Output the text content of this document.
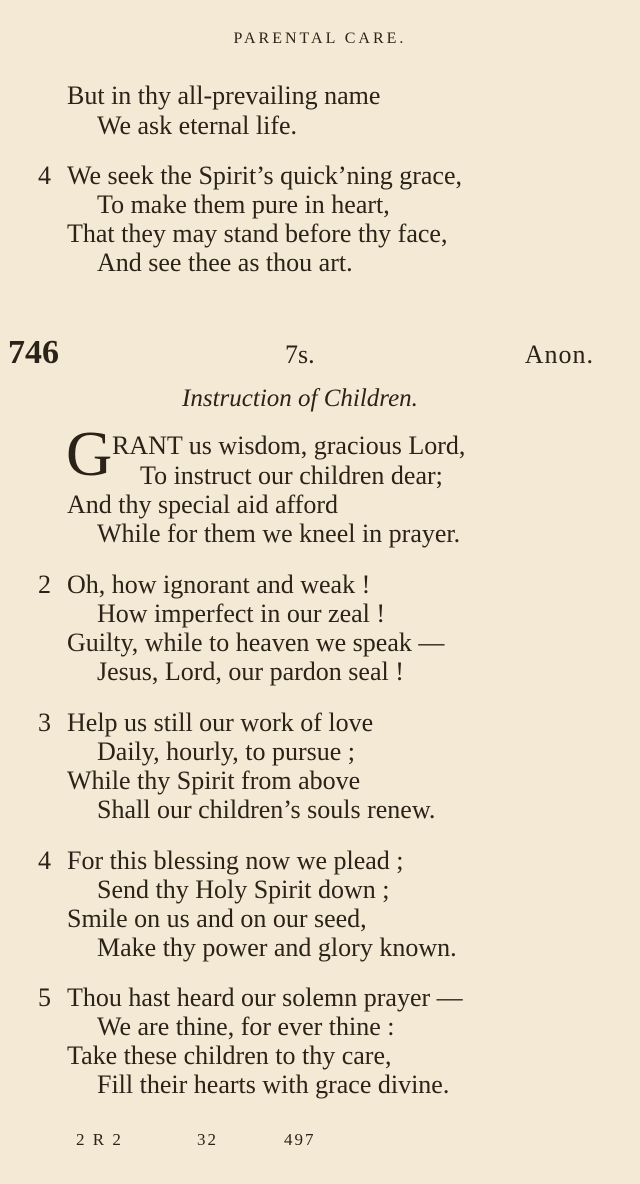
PARENTAL CARE.
But in thy all-prevailing name
We ask eternal life.
4 We seek the Spirit’s quick’ning grace,
To make them pure in heart,
That they may stand before thy face,
And see thee as thou art.
746	7s.	Anon.
Instruction of Children.
G RANT us wisdom, gracious Lord,
To instruct our children dear;
And thy special aid afford
While for them we kneel in prayer.
2 Oh, how ignorant and weak !
How imperfect in our zeal !
Guilty, while to heaven we speak —
Jesus, Lord, our pardon seal !
3 Help us still our work of love
Daily, hourly, to pursue ;
While thy Spirit from above
Shall our children’s souls renew.
4 For this blessing now we plead ;
Send thy Holy Spirit down ;
Smile on us and on our seed,
Make thy power and glory known.
5 Thou hast heard our solemn prayer —
We are thine, for ever thine :
Take these children to thy care,
Fill their hearts with grace divine.
2 R 2	32	497
